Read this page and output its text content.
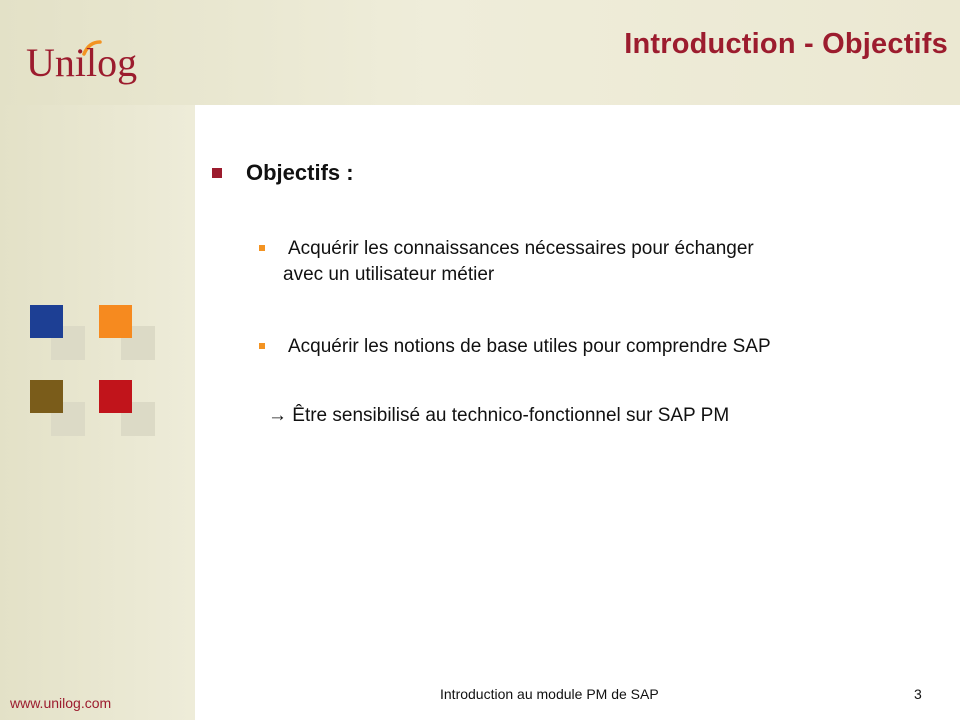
Unilog	Introduction - Objectifs
Objectifs :
Acquérir les connaissances nécessaires pour échanger
avec un utilisateur métier
Acquérir les notions de base utiles pour comprendre SAP
→ Être sensibilisé au technico-fonctionnel sur SAP PM
www.unilog.com
Introduction au module PM de SAP	3
